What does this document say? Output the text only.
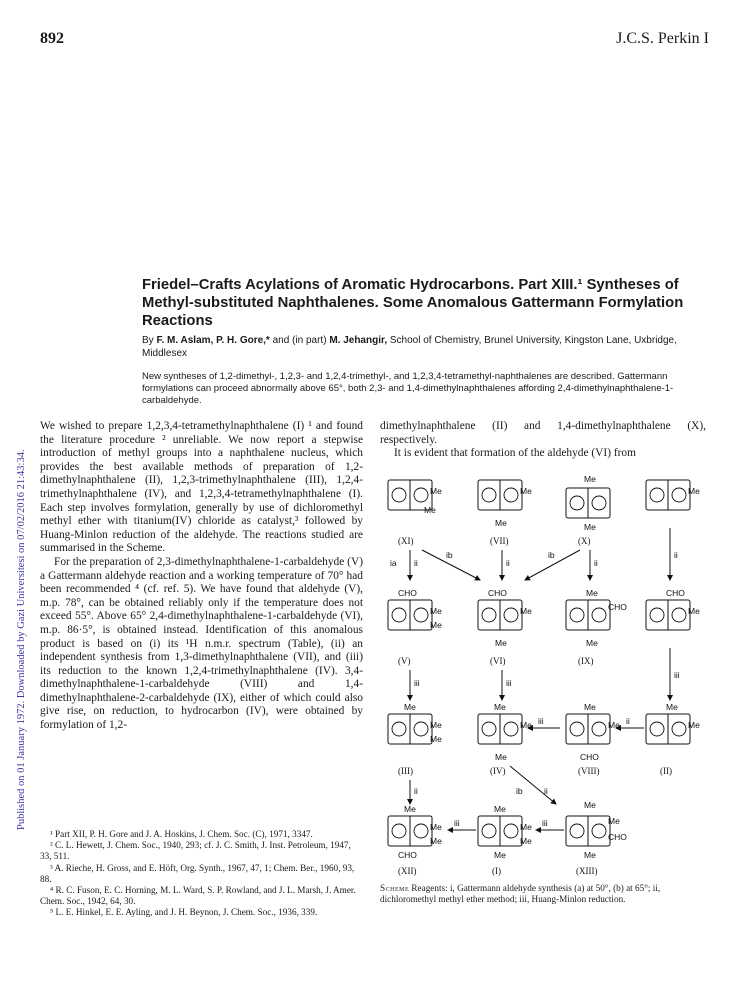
892	J.C.S. Perkin I
Published on 01 January 1972. Downloaded by Gazi Universitesi on 07/02/2016 21:43:34.
Friedel–Crafts Acylations of Aromatic Hydrocarbons. Part XIII.¹ Syntheses of Methyl-substituted Naphthalenes. Some Anomalous Gattermann Formylation Reactions
By F. M. Aslam, P. H. Gore,* and (in part) M. Jehangir, School of Chemistry, Brunel University, Kingston Lane, Uxbridge, Middlesex
New syntheses of 1,2-dimethyl-, 1,2,3- and 1,2,4-trimethyl-, and 1,2,3,4-tetramethyl-naphthalenes are described. Gattermann formylations can proceed abnormally above 65°, both 2,3- and 1,4-dimethylnaphthalenes affording 2,4-dimethylnaphthalene-1-carbaldehyde.

We wished to prepare 1,2,3,4-tetramethylnaphthalene (I) ¹ and found the literature procedure ² unreliable. We now report a stepwise introduction of methyl groups into a naphthalene nucleus, which provides the best available methods of preparation of 1,2-dimethylnaphthalene (II), 1,2,3-trimethylnaphthalene (III), 1,2,4-trimethylnaphthalene (IV), and 1,2,3,4-tetramethylnaphthalene (I). Each step involves formylation, generally by use of dichloromethyl methyl ether with titanium(IV) chloride as catalyst,³ followed by Huang-Minlon reduction of the aldehyde. The reactions studied are summarised in the Scheme.

For the preparation of 2,3-dimethylnaphthalene-1-carbaldehyde (V) a Gattermann aldehyde reaction and a working temperature of 70° had been recommended ⁴ (cf. ref. 5). We have found that aldehyde (V), m.p. 78°, can be obtained reliably only if the temperature does not exceed 55°. Above 65° 2,4-dimethylnaphthalene-1-carbaldehyde (VI), m.p. 86·5°, is obtained instead. Identification of this anomalous product is based on (i) its ¹H n.m.r. spectrum (Table), (ii) an independent synthesis from 1,3-dimethylnaphthalene (VII), and (iii) its reduction to the known 1,2,4-trimethylnaphthalene (IV). 3,4-dimethylnaphthalene-1-carbaldehyde (VIII) and 1,4-dimethylnaphthalene-2-carbaldehyde (IX), either of which could also give rise, on reduction, to hydrocarbon (IV), were obtained by formylation of 1,2-

dimethylnaphthalene (II) and 1,4-dimethylnaphthalene (X), respectively.

It is evident that formation of the aldehyde (VI) from

¹ Part XII, P. H. Gore and J. A. Hoskins, J. Chem. Soc. (C), 1971, 3347.
² C. L. Hewett, J. Chem. Soc., 1940, 293; cf. J. C. Smith, J. Inst. Petroleum, 1947, 33, 511.
³ A. Rieche, H. Gross, and E. Höft, Org. Synth., 1967, 47, 1; Chem. Ber., 1960, 93, 88.
⁴ R. C. Fuson, E. C. Horning, M. L. Ward, S. P. Rowland, and J. L. Marsh, J. Amer. Chem. Soc., 1942, 64, 30.
⁵ L. E. Hinkel, E. E. Ayling, and J. H. Beynon, J. Chem. Soc., 1936, 339.
Me
Me
Me
Me
Me
Me
Me
(XI)	(VII)	(X)
ia ii
ib
ii
ib
ii
ii
CHO
Me
Me
CHO
Me
Me
Me
CHO
Me
CHO
Me
(V)	(VI)	(IX)
iii	iii
iii
Me
Me
Me
Me
Me
Me
iii
Me
Me
CHO
ii
Me
Me
(III)	(IV)	(VIII)	(II)
ii	ib	ii
Me
Me
Me
CHO
iii
Me
Me
Me
Me
iii
Me
Me
CHO
Me
(XII)	(I)	(XIII)
Scheme Reagents: i, Gattermann aldehyde synthesis (a) at 50°, (b) at 65°; ii, dichloromethyl methyl ether method; iii, Huang-Minlon reduction.
